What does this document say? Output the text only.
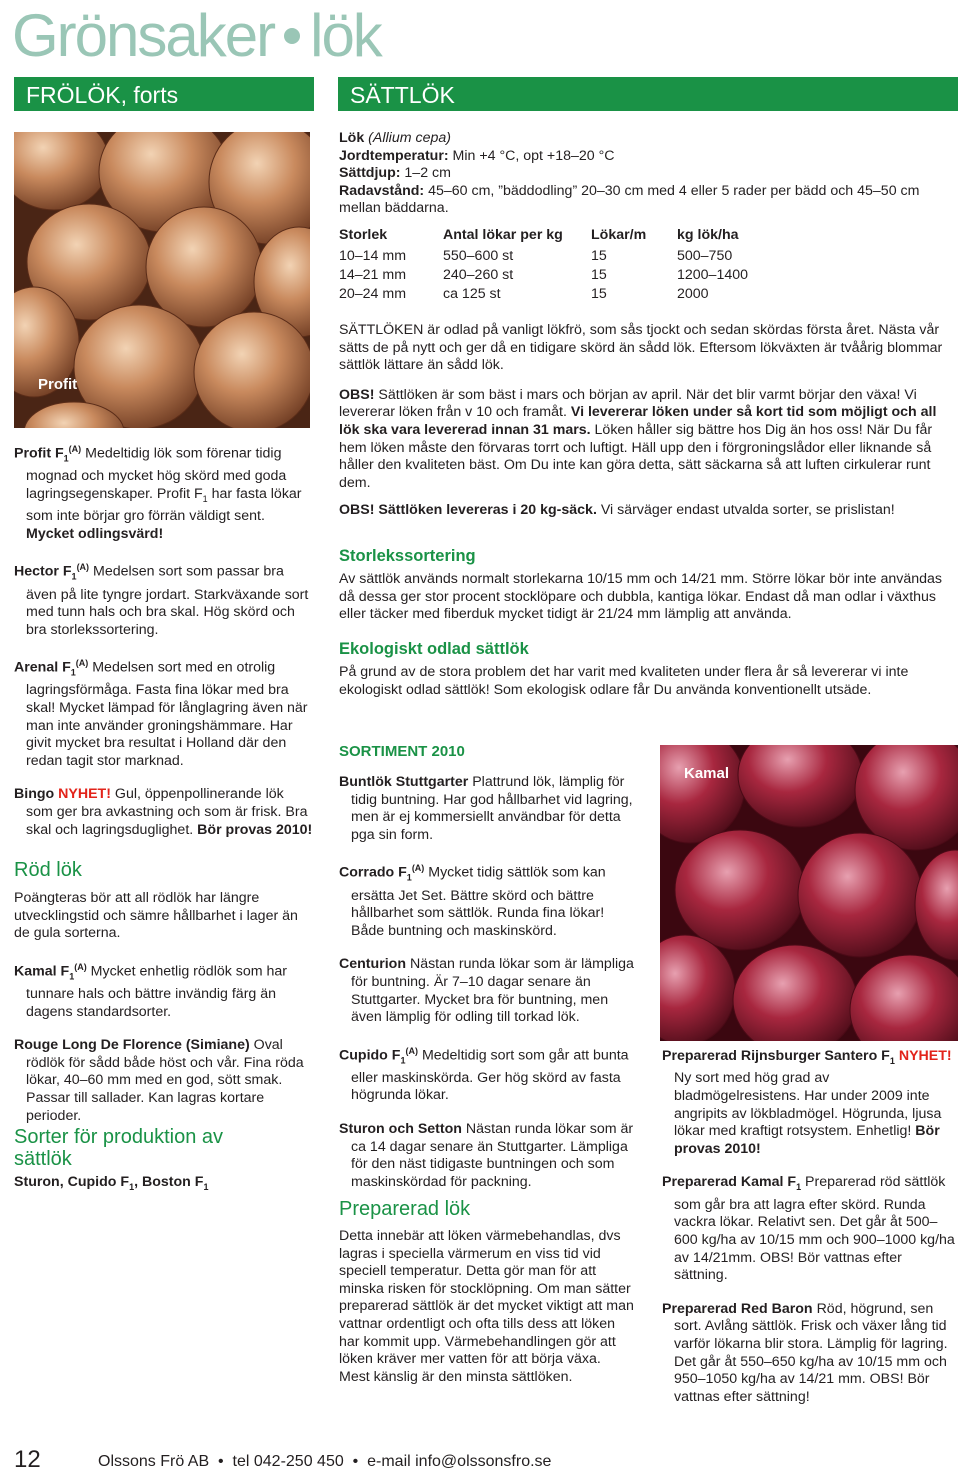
Grönsaker lök
FRÖLÖK, forts
Profit

Profit $F_1^{(A)}$ Medeltidig lök som förenar tidig mognad och mycket hög skörd med goda lagringsegenskaper. Profit $F_1$ har fasta lökar som inte börjar gro förrän väldigt sent. Mycket odlingsvärd!

Hector $F_1^{(A)}$ Medelsen sort som passar bra även på lite tyngre jordart. Starkväxande sort med tunn hals och bra skal. Hög skörd och bra storlekssortering.

Arenal $F_1^{(A)}$ Medelsen sort med en otrolig lagringsförmåga. Fasta fina lökar med bra skal! Mycket lämpad för långlagring även när man inte använder groningshämmare. Har givit mycket bra resultat i Holland där den redan tagit stor marknad.

Bingo NYHET! Gul, öppenpollinerande lök som ger bra avkastning och som är frisk. Bra skal och lagringsduglighet. Bör provas 2010!

Röd lök

Poängteras bör att all rödlök har längre utvecklingstid och sämre hållbarhet i lager än de gula sorterna.

Kamal $F_1^{(A)}$ Mycket enhetlig rödlök som har tunnare hals och bättre invändig färg än dagens standardsorter.

Rouge Long De Florence (Simiane) Oval rödlök för sådd både höst och vår. Fina röda lökar, 40–60 mm med en god, sött smak. Passar till sallader. Kan lagras kortare perioder.

Sorter för produktion av sättlök
Sturon, Cupido $F_1$, Boston $F_1$
SÄTTLÖK

Lök (Allium cepa)

Jordtemperatur: Min +4 °C, opt +18–20 °C

Sättdjup: 1–2 cm

Radavstånd: 45–60 cm, ”bäddodling” 20–30 cm med 4 eller 5 rader per bädd och 45–50 cm mellan bäddarna.

Storlek	Antal lökar per kg	Lökar/m	kg lök/ha

10–14 mm	550–600 st	15	500–750
14–21 mm	240–260 st	15	1200–1400
20–24 mm	ca 125 st	15	2000

SÄTTLÖKEN är odlad på vanligt lökfrö, som sås tjockt och sedan skördas första året. Nästa vår sätts de på nytt och ger då en tidigare skörd än sådd lök. Eftersom lökväxten är tvåårig blommar sättlök lättare än sådd lök.

OBS! Sättlöken är som bäst i mars och början av april. När det blir varmt börjar den växa! Vi levererar löken från v 10 och framåt. Vi levererar löken under så kort tid som möjligt och all lök ska vara levererad innan 31 mars. Löken håller sig bättre hos Dig än hos oss! När Du får hem löken måste den förvaras torrt och luftigt. Häll upp den i förgroningslådor eller liknande så håller den kvaliteten bäst. Om Du inte kan göra detta, sätt säckarna så att luften cirkulerar runt dem.

OBS! Sättlöken levereras i 20 kg-säck. Vi särväger endast utvalda sorter, se prislistan!

Storlekssortering
Av sättlök används normalt storlekarna 10/15 mm och 14/21 mm. Större lökar bör inte användas då dessa ger stor procent stocklöpare och dubbla, kantiga lökar. Endast då man odlar i växthus eller täcker med fiberduk mycket tidigt är 21/24 mm lämplig att använda.
Ekologiskt odlad sättlök
På grund av de stora problem det har varit med kvaliteten under flera år så levererar vi inte ekologiskt odlad sättlök! Som ekologisk odlare får Du använda konventionellt utsäde.
SORTIMENT 2010

Buntlök Stuttgarter Plattrund lök, lämplig för tidig buntning. Har god hållbarhet vid lagring, men är ej kommersiellt användbar för detta pga sin form.

Corrado $F_1^{(A)}$ Mycket tidig sättlök som kan ersätta Jet Set. Bättre skörd och bättre hållbarhet som sättlök. Runda fina lökar! Både buntning och maskinskörd.

Centurion Nästan runda lökar som är lämpliga för buntning. Är 7–10 dagar senare än Stuttgarter. Mycket bra för buntning, men även lämplig för odling till torkad lök.

Cupido $F_1^{(A)}$ Medeltidig sort som går att bunta eller maskinskörda. Ger hög skörd av fasta högrunda lökar.

Sturon och Setton Nästan runda lökar som är ca 14 dagar senare än Stuttgarter. Lämpliga för den näst tidigaste buntningen och som maskinskördad för packning.

Preparerad lök
Detta innebär att löken värmebehandlas, dvs lagras i speciella värmerum en viss tid vid speciell temperatur. Detta gör man för att minska risken för stocklöpning. Om man sätter preparerad sättlök är det mycket viktigt att man vattnar ordentligt och ofta tills dess att löken har kommit upp. Värmebehandlingen gör att löken kräver mer vatten för att börja växa. Mest känslig är den minsta sättlöken.
Kamal

Preparerad Rijnsburger Santero $F_1$ NYHET! Ny sort med hög grad av bladmögelresistens. Har under 2009 inte angripits av lökbladmögel. Högrunda, ljusa lökar med kraftigt rotsystem. Enhetlig! Bör provas 2010!

Preparerad Kamal $F_1$ Preparerad röd sättlök som går bra att lagra efter skörd. Runda vackra lökar. Relativt sen. Det går åt 500–600 kg/ha av 10/15 mm och 900–1000 kg/ha av 14/21mm. OBS! Bör vattnas efter sättning.

Preparerad Red Baron Röd, högrund, sen sort. Avlång sättlök. Frisk och växer lång tid varför lökarna blir stora. Lämplig för lagring. Det går åt 550–650 kg/ha av 10/15 mm och 950–1050 kg/ha av 14/21 mm. OBS! Bör vattnas efter sättning!

12	Olssons Frö AB  •  tel 042-250 450  •  e-mail info@olssonsfro.se
